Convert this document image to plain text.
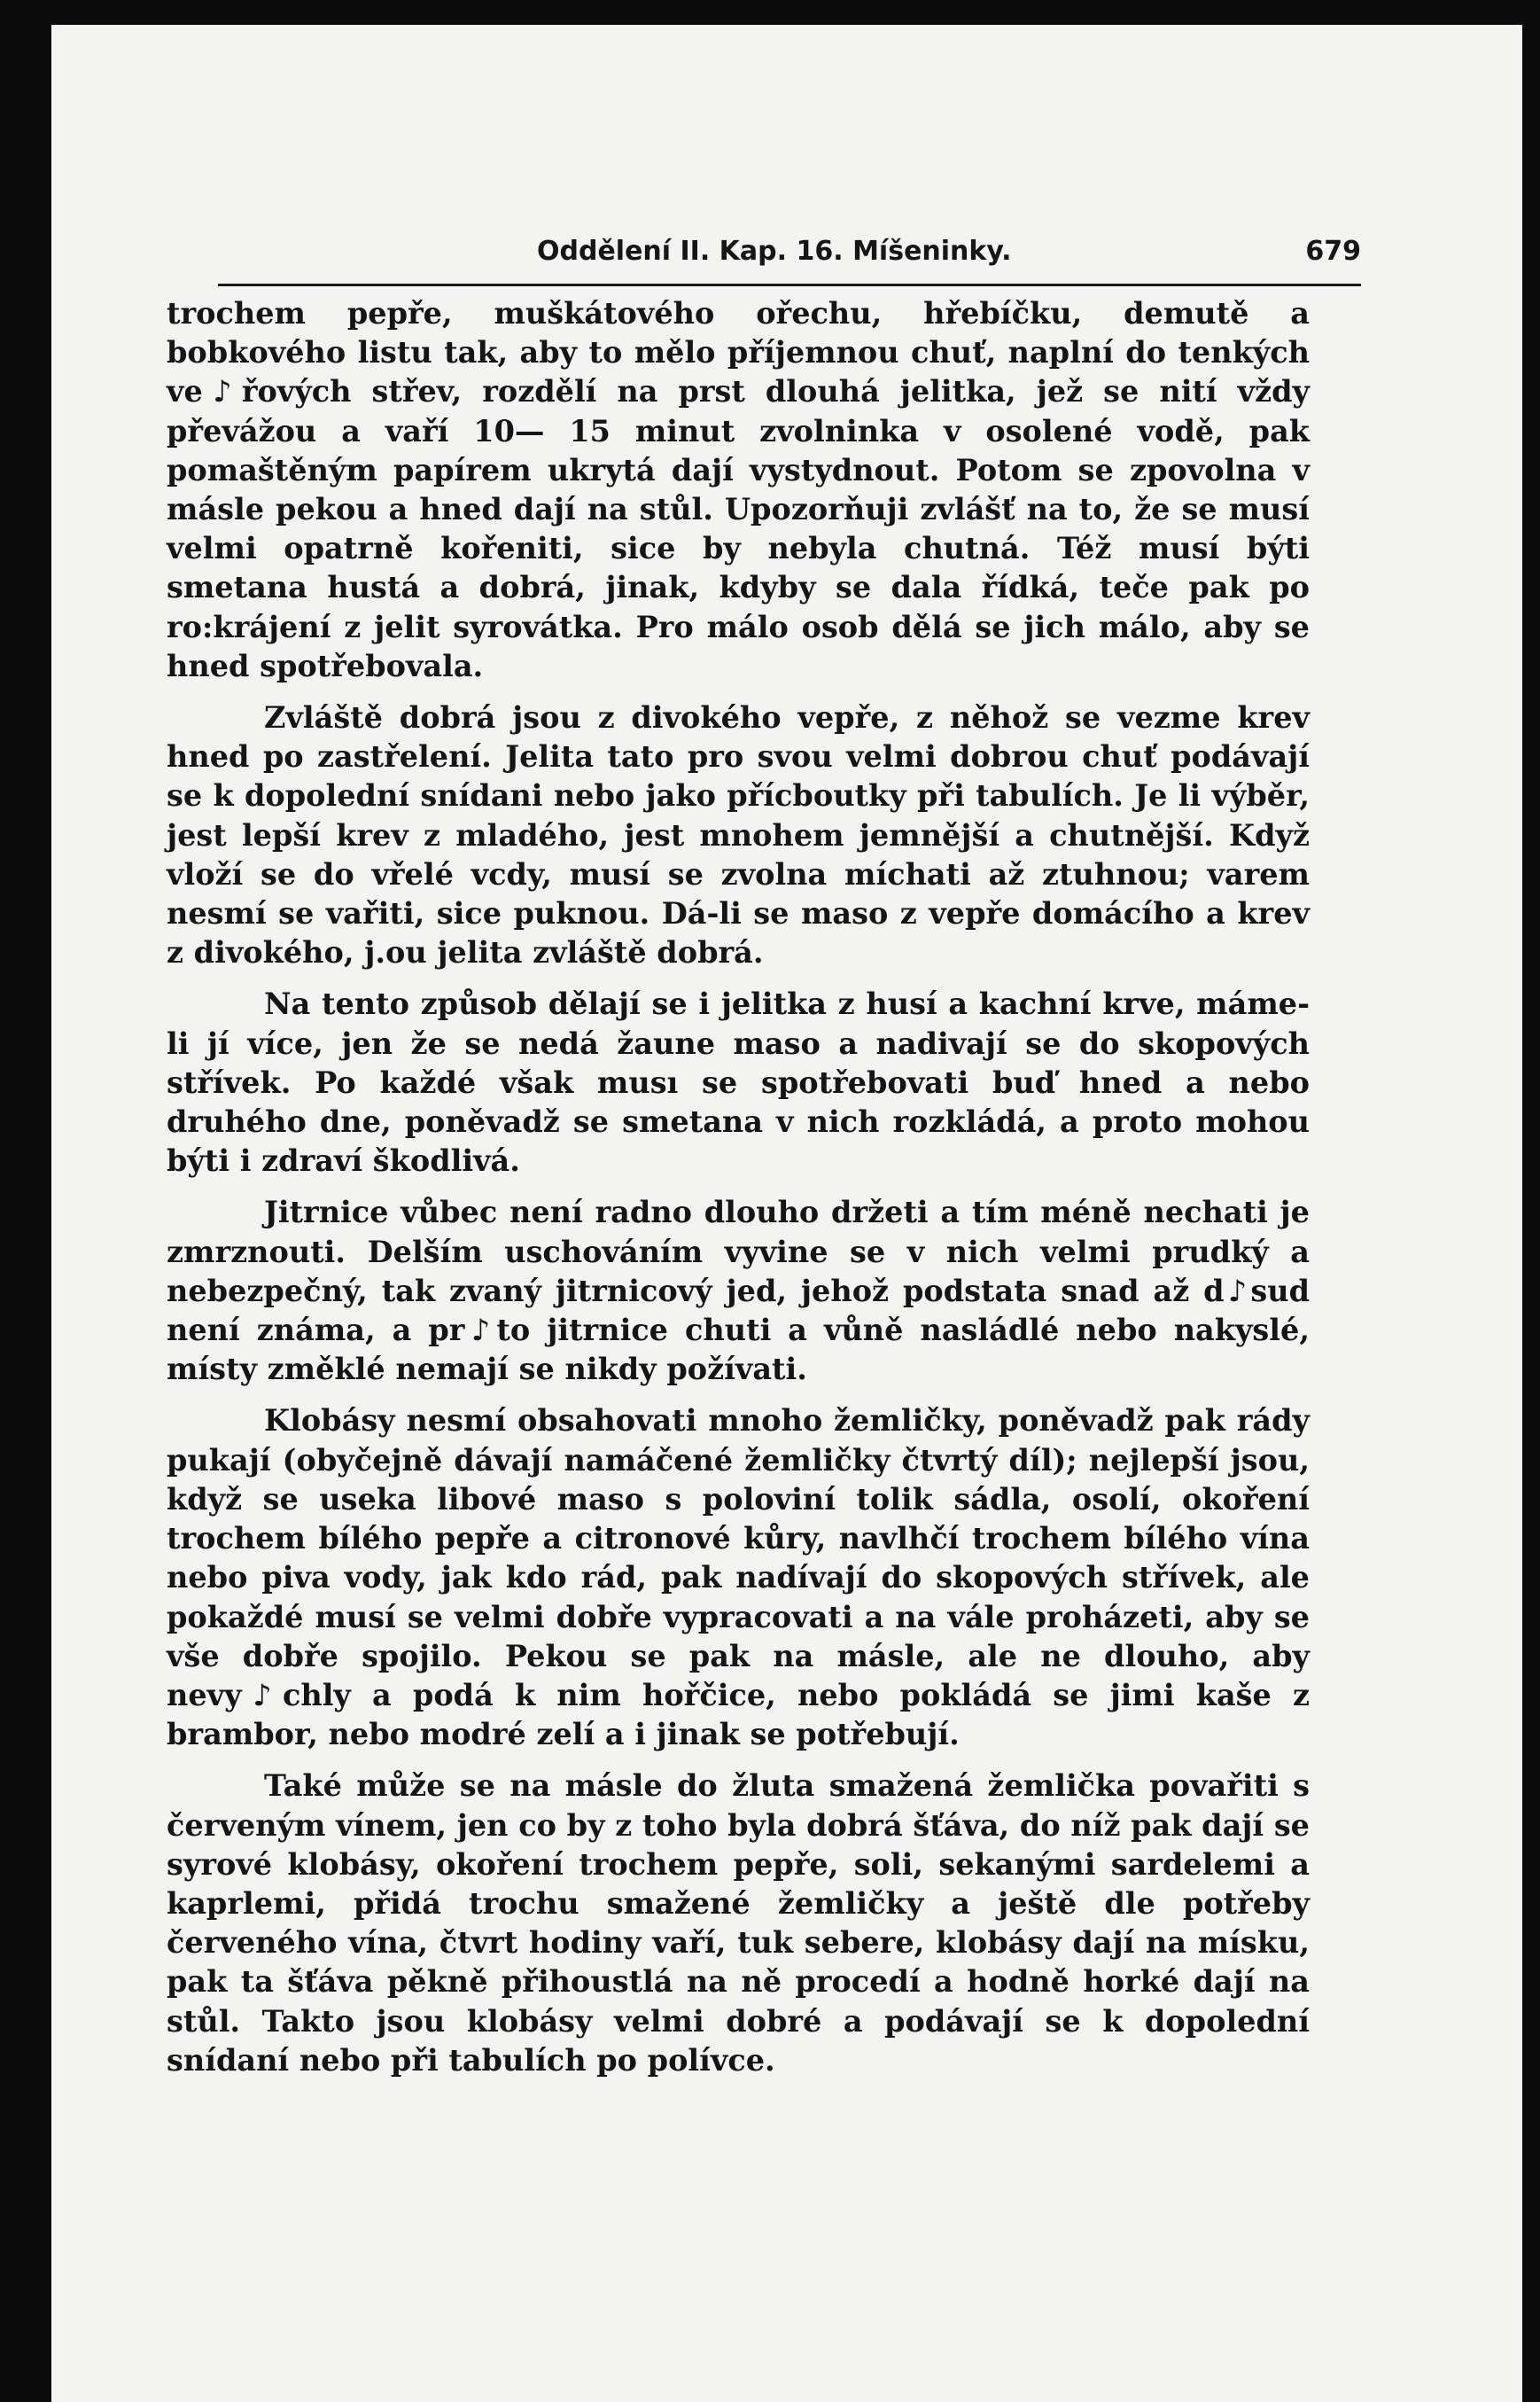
Oddělení II. Kap. 16. Míšeninky.	679

trochem pepře, muškátového ořechu, hřebíčku, demutě a bobkového listu tak, aby to mělo příjemnou chuť, naplní do tenkých ve♪řových střev, rozdělí na prst dlouhá jelitka, jež se nití vždy převážou a vaří 10— 15 minut zvolninka v osolené vodě, pak pomaštěným papírem ukrytá dají vystydnout. Potom se zpovolna v másle pekou a hned dají na stůl. Upozorňuji zvlášť na to, že se musí velmi opatrně kořeniti, sice by nebyla chutná. Též musí býti smetana hustá a dobrá, jinak, kdyby se dala řídká, teče pak po ro:krájení z jelit syrovátka. Pro málo osob dělá se jich málo, aby se hned spotřebovala.

Zvláště dobrá jsou z divokého vepře, z něhož se vezme krev hned po zastřelení. Jelita tato pro svou velmi dobrou chuť podávají se k dopolední snídani nebo jako přícboutky při tabulích. Je li výběr, jest lepší krev z mladého, jest mnohem jemnější a chutnější. Když vloží se do vřelé vcdy, musí se zvolna míchati až ztuhnou; varem nesmí se vařiti, sice puknou. Dá-li se maso z vepře domácího a krev z divokého, j.ou jelita zvláště dobrá.

Na tento způsob dělají se i jelitka z husí a kachní krve, máme-li jí více, jen že se nedá žaune maso a nadivají se do skopových střívek. Po každé však musı se spotřebovati buď hned a nebo druhého dne, poněvadž se smetana v nich rozkládá, a proto mohou býti i zdraví škodlivá.

Jitrnice vůbec není radno dlouho držeti a tím méně nechati je zmrznouti. Delším uschováním vyvine se v nich velmi prudký a nebezpečný, tak zvaný jitrnicový jed, jehož podstata snad až d♪sud není známa, a pr♪to jitrnice chuti a vůně nasládlé nebo nakyslé, místy změklé nemají se nikdy požívati.

Klobásy nesmí obsahovati mnoho žemličky, poněvadž pak rády pukají (obyčejně dávají namáčené žemličky čtvrtý díl); nejlepší jsou, když se useka libové maso s poloviní tolik sádla, osolí, okoření trochem bílého pepře a citronové kůry, navlhčí trochem bílého vína nebo piva vody, jak kdo rád, pak nadívají do skopových střívek, ale pokaždé musí se velmi dobře vypracovati a na vále proházeti, aby se vše dobře spojilo. Pekou se pak na másle, ale ne dlouho, aby nevy♪chly a podá k nim hořčice, nebo pokládá se jimi kaše z brambor, nebo modré zelí a i jinak se potřebují.

Také může se na másle do žluta smažená žemlička povařiti s červeným vínem, jen co by z toho byla dobrá šťáva, do níž pak dají se syrové klobásy, okoření trochem pepře, soli, sekanými sardelemi a kaprlemi, přidá trochu smažené žemličky a ještě dle potřeby červeného vína, čtvrt hodiny vaří, tuk sebere, klobásy dají na mísku, pak ta šťáva pěkně přihoustlá na ně procedí a hodně horké dají na stůl. Takto jsou klobásy velmi dobré a podávají se k dopolední snídaní nebo při tabulích po polívce.
